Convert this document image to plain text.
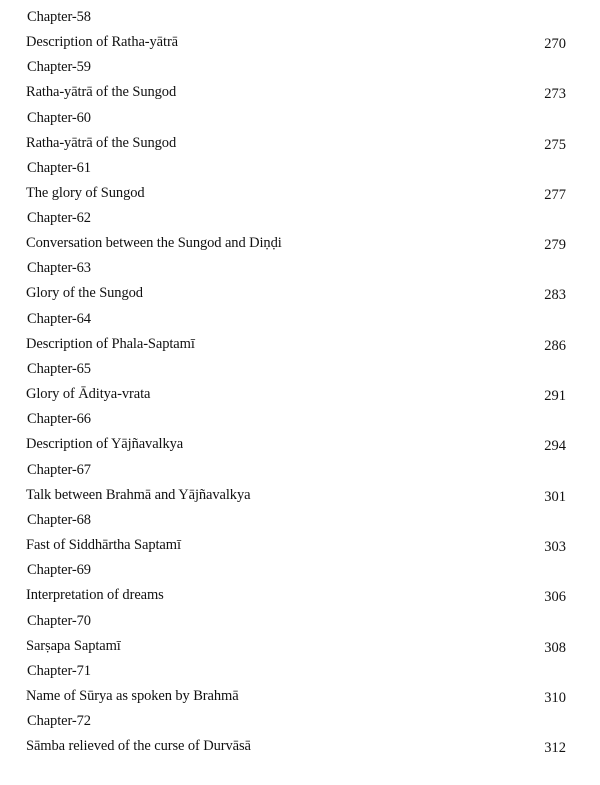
Chapter-58
Description of Ratha-yātrā	270
Chapter-59
Ratha-yātrā of the Sungod	273
Chapter-60
Ratha-yātrā of the Sungod	275
Chapter-61
The glory of Sungod	277
Chapter-62
Conversation between the Sungod and Diṇḍi	279
Chapter-63
Glory of the Sungod	283
Chapter-64
Description of Phala-Saptamī	286
Chapter-65
Glory of Āditya-vrata	291
Chapter-66
Description of Yājñavalkya	294
Chapter-67
Talk between Brahmā and Yājñavalkya	301
Chapter-68
Fast of Siddhārtha Saptamī	303
Chapter-69
Interpretation of dreams	306
Chapter-70
Sarṣapa Saptamī	308
Chapter-71
Name of Sūrya as spoken by Brahmā	310
Chapter-72
Sāmba relieved of the curse of Durvāsā	312
